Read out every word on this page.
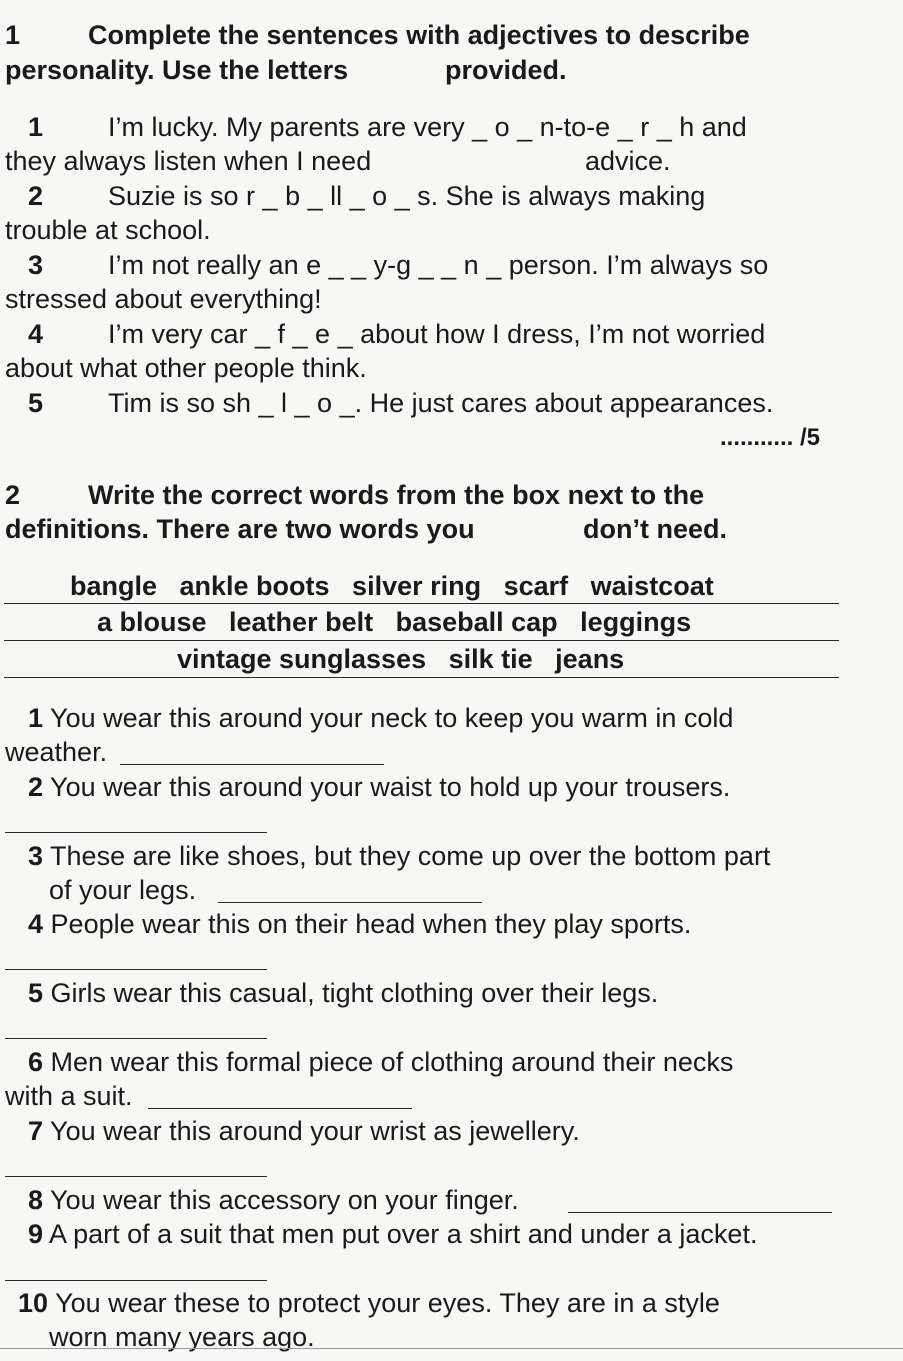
1	Complete the sentences with adjectives to describe
personality. Use the letters	provided.
1 I’m lucky. My parents are very _ o _ n-to-e _ r _ h and
they always listen when I need	advice.
2 Suzie is so r _ b _ ll _ o _ s. She is always making
trouble at school.
3 I’m not really an e _ _ y-g _ _ n _ person. I’m always so
stressed about everything!
4 I’m very car _ f _ e _ about how I dress, I’m not worried
about what other people think.
5 Tim is so sh _ l _ o _. He just cares about appearances.
........... /5
2	Write the correct words from the box next to the
definitions. There are two words you	don’t need.
bangle   ankle boots   silver ring   scarf   waistcoat
a blouse   leather belt   baseball cap   leggings
vintage sunglasses   silk tie   jeans
1 You wear this around your neck to keep you warm in cold
weather.
2 You wear this around your waist to hold up your trousers.
3 These are like shoes, but they come up over the bottom part
of your legs.
4 People wear this on their head when they play sports.
5 Girls wear this casual, tight clothing over their legs.
6 Men wear this formal piece of clothing around their necks
with a suit.
7 You wear this around your wrist as jewellery.
8 You wear this accessory on your finger.
9 A part of a suit that men put over a shirt and under a jacket.
10 You wear these to protect your eyes. They are in a style
worn many years ago.
